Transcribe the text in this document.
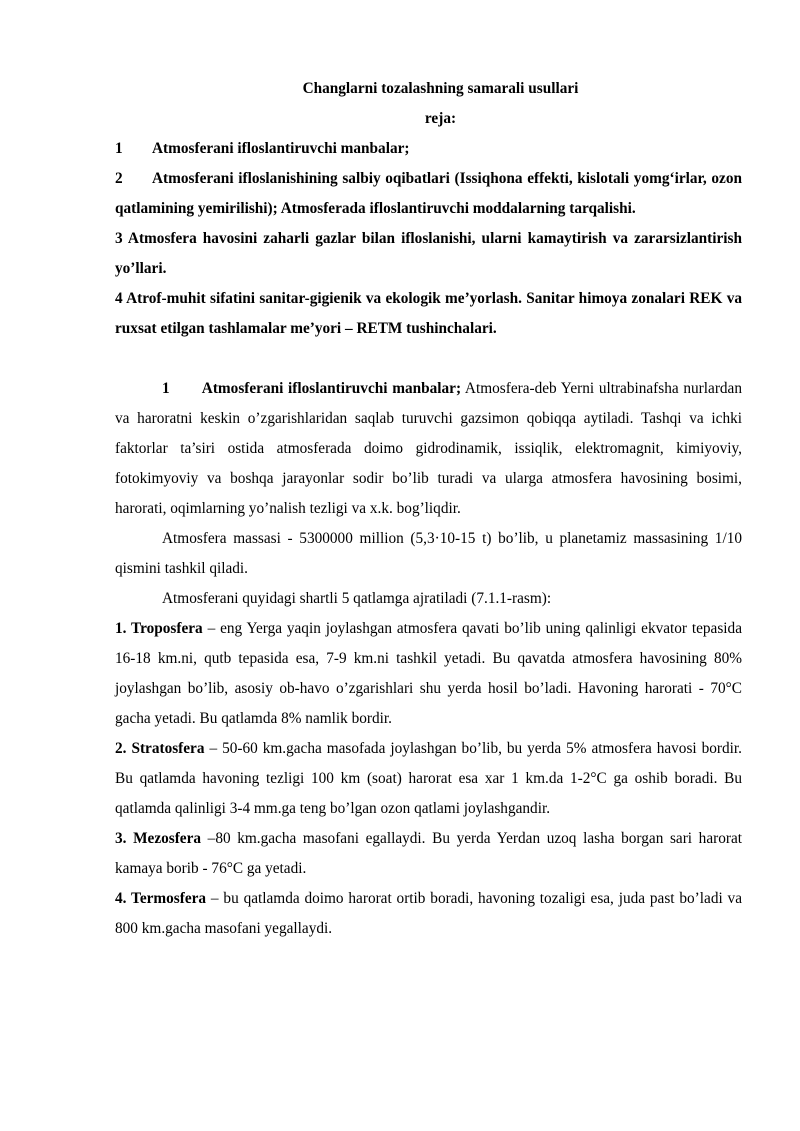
Changlarni tozalashning samarali usullari

reja:

1 Atmosferani ifloslantiruvchi manbalar;

2 Atmosferani ifloslanishining salbiy oqibatlari (Issiqhona effekti, kislotali yomg‘irlar, ozon qatlamining yemirilishi); Atmosferada ifloslantiruvchi moddalarning tarqalishi.

3 Atmosfera havosini zaharli gazlar bilan ifloslanishi, ularni kamaytirish va zararsizlantirish yo’llari.

4 Atrof-muhit sifatini sanitar-gigienik va ekologik me’yorlash. Sanitar himoya zonalari REK va ruxsat etilgan tashlamalar me’yori – RETM tushinchalari.

1       Atmosferani ifloslantiruvchi manbalar; Atmosfera-deb Yerni ultrabinafsha nurlardan va haroratni keskin o’zgarishlaridan saqlab turuvchi gazsimon qobiqqa aytiladi. Tashqi va ichki faktorlar ta’siri ostida atmosferada doimo gidrodinamik, issiqlik, elektromagnit, kimiyoviy, fotokimyoviy va boshqa jarayonlar sodir bo’lib turadi va ularga atmosfera havosining bosimi, harorati, oqimlarning yo’nalish tezligi va x.k. bog’liqdir.

Atmosfera massasi - 5300000 million (5,3·10-15 t) bo’lib, u planetamiz massasining 1/10 qismini tashkil qiladi.

Atmosferani quyidagi shartli 5 qatlamga ajratiladi (7.1.1-rasm):

1. Troposfera – eng Yerga yaqin joylashgan atmosfera qavati bo’lib uning qalinligi ekvator tepasida 16-18 km.ni, qutb tepasida esa, 7-9 km.ni tashkil yetadi. Bu qavatda atmosfera havosining 80% joylashgan bo’lib, asosiy ob-havo o’zgarishlari shu yerda hosil bo’ladi. Havoning harorati - 70°C gacha yetadi. Bu qatlamda 8% namlik bordir.

2. Stratosfera – 50-60 km.gacha masofada joylashgan bo’lib, bu yerda 5% atmosfera havosi bordir. Bu qatlamda havoning tezligi 100 km (soat) harorat esa xar 1 km.da 1-2°C ga oshib boradi. Bu qatlamda qalinligi 3-4 mm.ga teng bo’lgan ozon qatlami joylashgandir.

3. Mezosfera –80 km.gacha masofani egallaydi. Bu yerda Yerdan uzoq lasha borgan sari harorat kamaya borib - 76°C ga yetadi.

4. Termosfera – bu qatlamda doimo harorat ortib boradi, havoning tozaligi esa, juda past bo’ladi va 800 km.gacha masofani yegallaydi.
